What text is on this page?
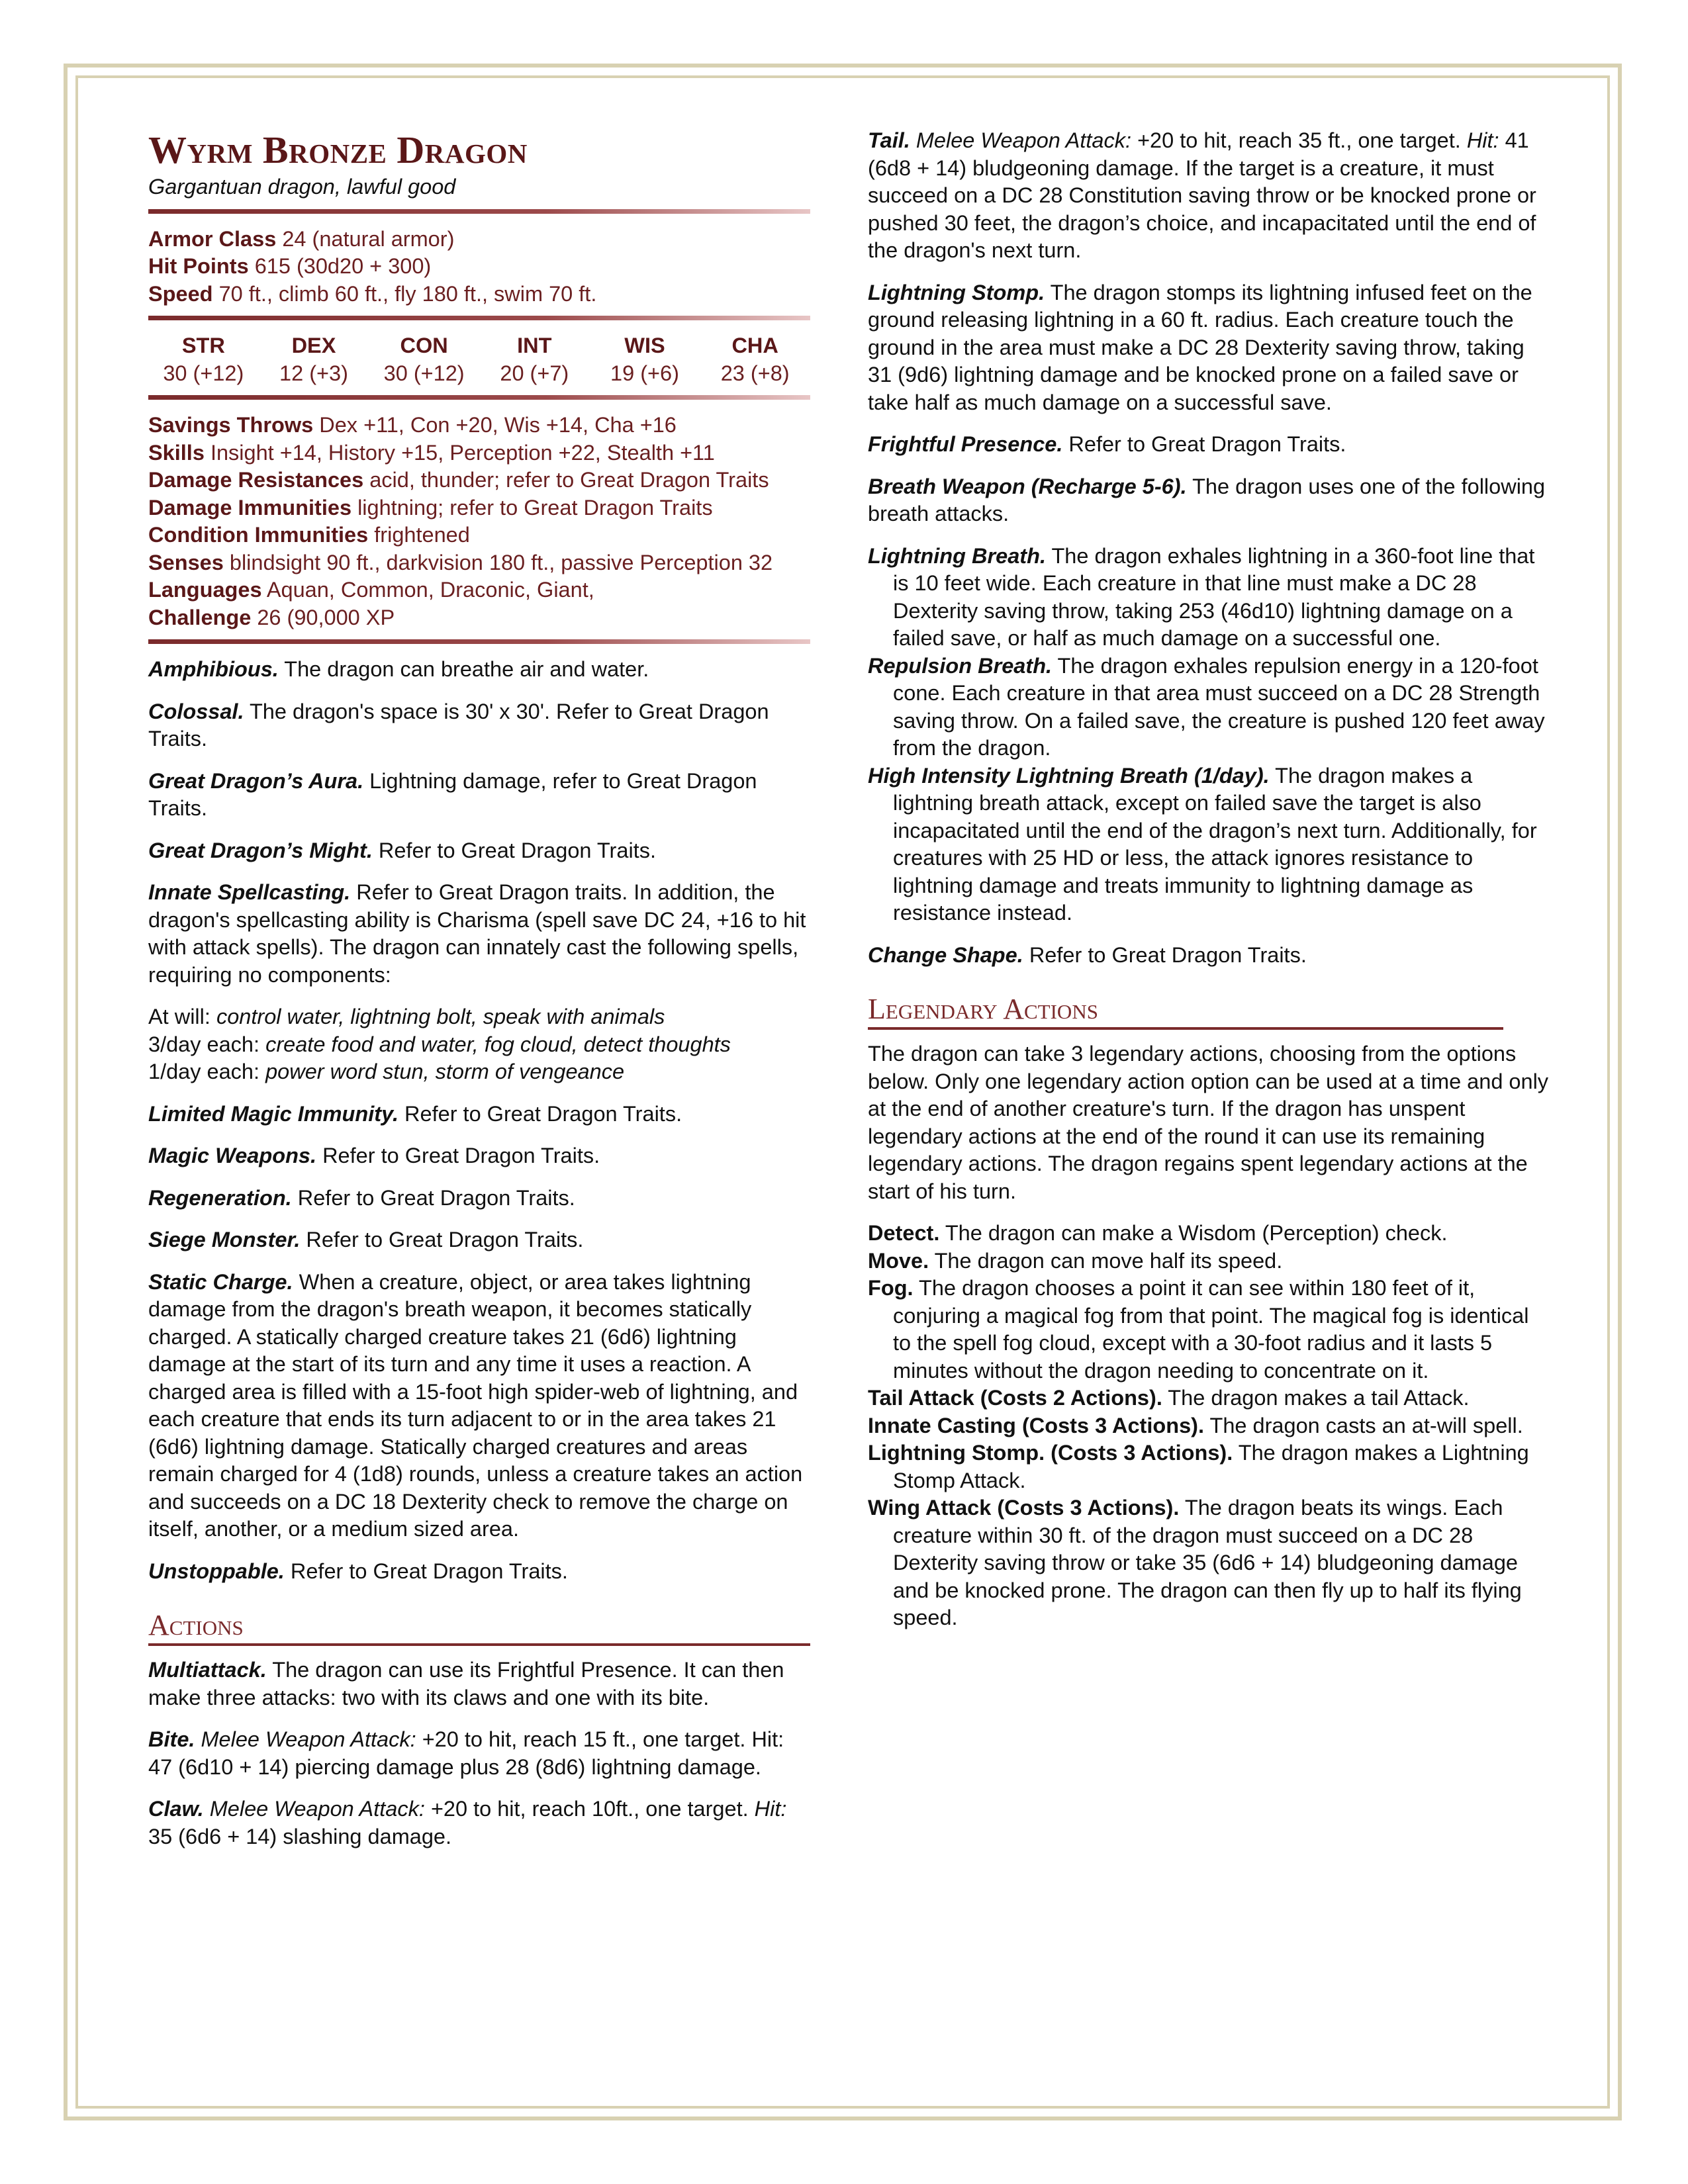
Wyrm Bronze Dragon

Gargantuan dragon, lawful good

Armor Class 24 (natural armor)
Hit Points 615 (30d20 + 300)
Speed 70 ft., climb 60 ft., fly 180 ft., swim 70 ft.
STR
30 (+12)
DEX
12 (+3)
CON
30 (+12)
INT
20 (+7)
WIS
19 (+6)
CHA
23 (+8)
Savings Throws Dex +11, Con +20, Wis +14, Cha +16
Skills Insight +14, History +15, Perception +22, Stealth +11
Damage Resistances acid, thunder; refer to Great Dragon Traits
Damage Immunities lightning; refer to Great Dragon Traits
Condition Immunities frightened
Senses blindsight 90 ft., darkvision 180 ft., passive Perception 32
Languages Aquan, Common, Draconic, Giant,
Challenge 26 (90,000 XP

Amphibious. The dragon can breathe air and water.

Colossal. The dragon's space is 30' x 30'. Refer to Great Dragon Traits.

Great Dragon’s Aura. Lightning damage, refer to Great Dragon Traits.

Great Dragon’s Might. Refer to Great Dragon Traits.

Innate Spellcasting. Refer to Great Dragon traits. In addition, the dragon's spellcasting ability is Charisma (spell save DC 24, +16 to hit with attack spells). The dragon can innately cast the following spells, requiring no components:

At will: control water, lightning bolt, speak with animals

3/day each: create food and water, fog cloud, detect thoughts

1/day each: power word stun, storm of vengeance

Limited Magic Immunity. Refer to Great Dragon Traits.

Magic Weapons. Refer to Great Dragon Traits.

Regeneration. Refer to Great Dragon Traits.

Siege Monster. Refer to Great Dragon Traits.

Static Charge. When a creature, object, or area takes lightning damage from the dragon's breath weapon, it becomes statically charged. A statically charged creature takes 21 (6d6) lightning damage at the start of its turn and any time it uses a reaction. A charged area is filled with a 15-foot high spider-web of lightning, and each creature that ends its turn adjacent to or in the area takes 21 (6d6) lightning damage. Statically charged creatures and areas remain charged for 4 (1d8) rounds, unless a creature takes an action and succeeds on a DC 18 Dexterity check to remove the charge on itself, another, or a medium sized area.

Unstoppable. Refer to Great Dragon Traits.

Actions

Multiattack. The dragon can use its Frightful Presence. It can then make three attacks: two with its claws and one with its bite.

Bite. Melee Weapon Attack: +20 to hit, reach 15 ft., one target. Hit: 47 (6d10 + 14) piercing damage plus 28 (8d6) lightning damage.

Claw. Melee Weapon Attack: +20 to hit, reach 10ft., one target. Hit: 35 (6d6 + 14) slashing damage.

Tail. Melee Weapon Attack: +20 to hit, reach 35 ft., one target. Hit: 41 (6d8 + 14) bludgeoning damage. If the target is a creature, it must succeed on a DC 28 Constitution saving throw or be knocked prone or pushed 30 feet, the dragon’s choice, and incapacitated until the end of the dragon's next turn.

Lightning Stomp. The dragon stomps its lightning infused feet on the ground releasing lightning in a 60 ft. radius. Each creature touch the ground in the area must make a DC 28 Dexterity saving throw, taking 31 (9d6) lightning damage and be knocked prone on a failed save or take half as much damage on a successful save.

Frightful Presence. Refer to Great Dragon Traits.

Breath Weapon (Recharge 5-6). The dragon uses one of the following breath attacks.

Lightning Breath. The dragon exhales lightning in a 360-foot line that is 10 feet wide. Each creature in that line must make a DC 28 Dexterity saving throw, taking 253 (46d10) lightning damage on a failed save, or half as much damage on a successful one.

Repulsion Breath. The dragon exhales repulsion energy in a 120-foot cone. Each creature in that area must succeed on a DC 28 Strength saving throw. On a failed save, the creature is pushed 120 feet away from the dragon.

High Intensity Lightning Breath (1/day). The dragon makes a lightning breath attack, except on failed save the target is also incapacitated until the end of the dragon’s next turn. Additionally, for creatures with 25 HD or less, the attack ignores resistance to lightning damage and treats immunity to lightning damage as resistance instead.

Change Shape. Refer to Great Dragon Traits.

Legendary Actions

The dragon can take 3 legendary actions, choosing from the options below. Only one legendary action option can be used at a time and only at the end of another creature's turn. If the dragon has unspent legendary actions at the end of the round it can use its remaining legendary actions. The dragon regains spent legendary actions at the start of his turn.

Detect. The dragon can make a Wisdom (Perception) check.

Move. The dragon can move half its speed.

Fog. The dragon chooses a point it can see within 180 feet of it, conjuring a magical fog from that point. The magical fog is identical to the spell fog cloud, except with a 30-foot radius and it lasts 5 minutes without the dragon needing to concentrate on it.

Tail Attack (Costs 2 Actions). The dragon makes a tail Attack.

Innate Casting (Costs 3 Actions). The dragon casts an at-will spell.

Lightning Stomp. (Costs 3 Actions). The dragon makes a Lightning Stomp Attack.

Wing Attack (Costs 3 Actions). The dragon beats its wings. Each creature within 30 ft. of the dragon must succeed on a DC 28 Dexterity saving throw or take 35 (6d6 + 14) bludgeoning damage and be knocked prone. The dragon can then fly up to half its flying speed.
